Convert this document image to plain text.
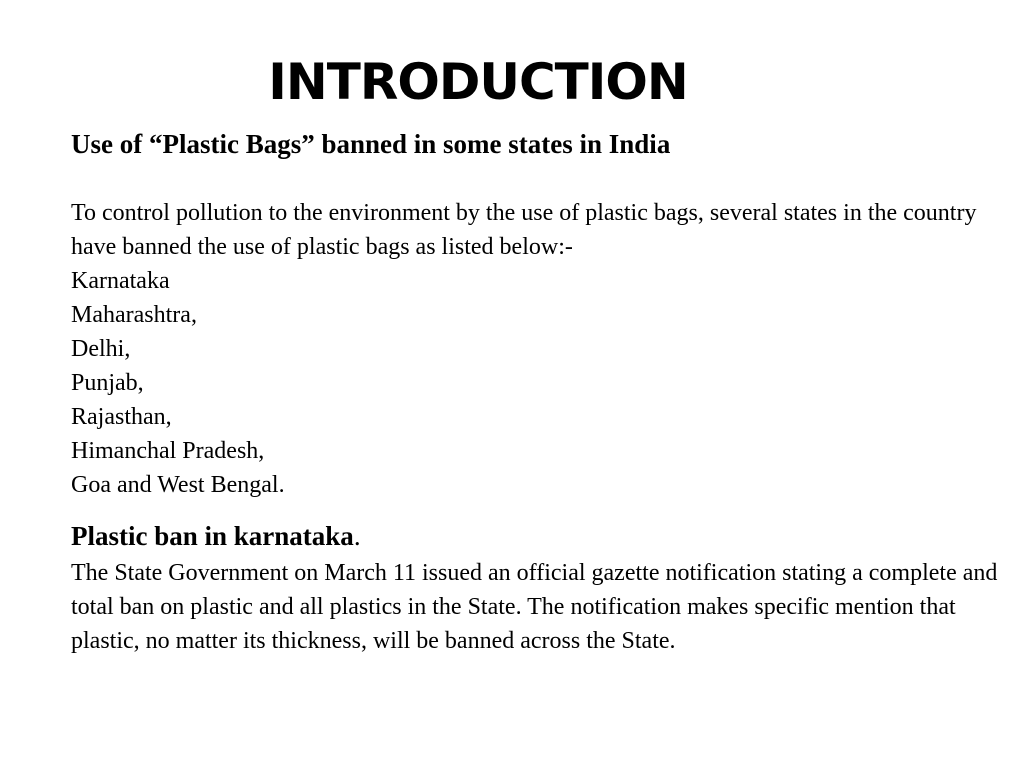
INTRODUCTION
Use of “Plastic Bags” banned in some states in India

To control pollution to the environment by the use of plastic bags, several states in the country have banned the use of plastic bags as listed below:-

Karnataka
Maharashtra,
Delhi,
Punjab,
Rajasthan,
Himanchal Pradesh,
Goa and West Bengal.
Plastic ban in karnataka.

The State Government on March 11 issued an official gazette notification stating a complete and total ban on plastic and all plastics in the State. The notification makes specific mention that plastic, no matter its thickness, will be banned across the State.
